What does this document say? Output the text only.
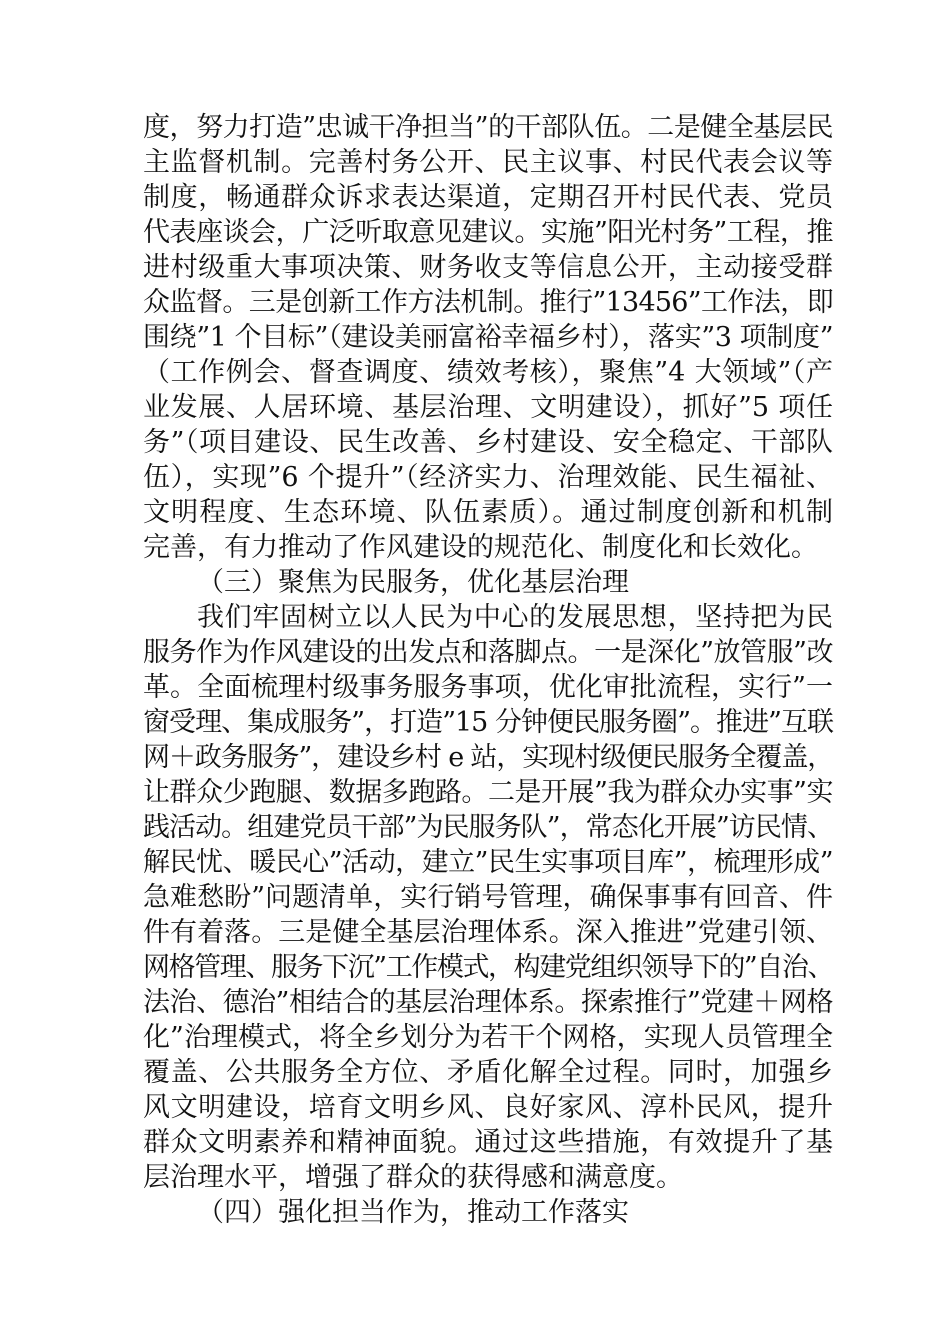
度，努力打造”忠诚干净担当”的干部队伍。二是健全基层民
主监督机制。完善村务公开、民主议事、村民代表会议等
制度，畅通群众诉求表达渠道，定期召开村民代表、党员
代表座谈会，广泛听取意见建议。实施”阳光村务”工程，推
进村级重大事项决策、财务收支等信息公开，主动接受群
众监督。三是创新工作方法机制。推行”13456”工作法，即
围绕”1 个目标”（建设美丽富裕幸福乡村），落实”3 项制度”
（工作例会、督查调度、绩效考核），聚焦”4 大领域”（产
业发展、人居环境、基层治理、文明建设），抓好”5 项任
务”（项目建设、民生改善、乡村建设、安全稳定、干部队
伍），实现”6 个提升”（经济实力、治理效能、民生福祉、
文明程度、生态环境、队伍素质）。通过制度创新和机制
完善，有力推动了作风建设的规范化、制度化和长效化。
（三）聚焦为民服务，优化基层治理
我们牢固树立以人民为中心的发展思想，坚持把为民
服务作为作风建设的出发点和落脚点。一是深化”放管服”改
革。全面梳理村级事务服务事项，优化审批流程，实行”一
窗受理、集成服务”，打造”15 分钟便民服务圈”。推进”互联
网＋政务服务”，建设乡村 e 站，实现村级便民服务全覆盖，
让群众少跑腿、数据多跑路。二是开展”我为群众办实事”实
践活动。组建党员干部”为民服务队”，常态化开展”访民情、
解民忧、暖民心”活动，建立”民生实事项目库”，梳理形成”
急难愁盼”问题清单，实行销号管理，确保事事有回音、件
件有着落。三是健全基层治理体系。深入推进”党建引领、
网格管理、服务下沉”工作模式，构建党组织领导下的”自治、
法治、德治”相结合的基层治理体系。探索推行”党建＋网格
化”治理模式，将全乡划分为若干个网格，实现人员管理全
覆盖、公共服务全方位、矛盾化解全过程。同时，加强乡
风文明建设，培育文明乡风、良好家风、淳朴民风，提升
群众文明素养和精神面貌。通过这些措施，有效提升了基
层治理水平，增强了群众的获得感和满意度。
（四）强化担当作为，推动工作落实
